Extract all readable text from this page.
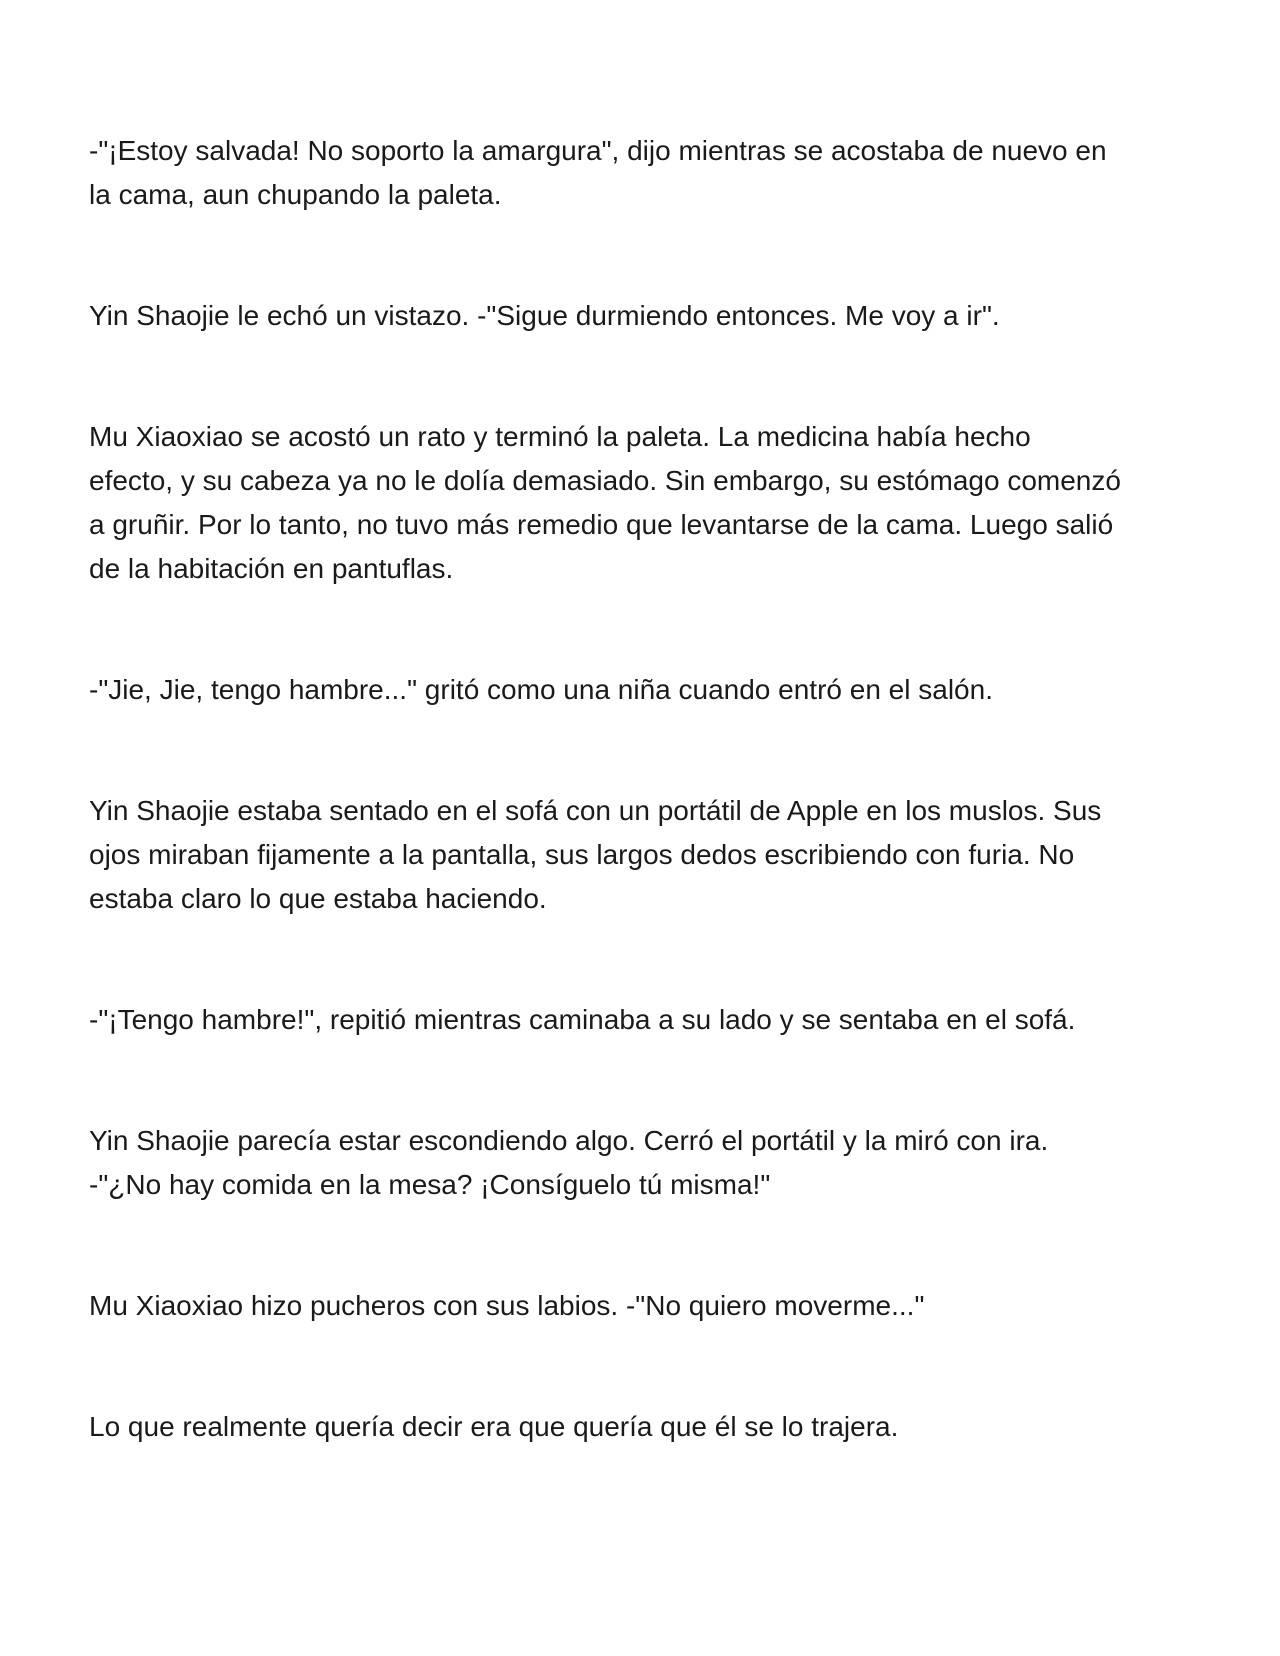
-"¡Estoy salvada! No soporto la amargura", dijo mientras se acostaba de nuevo en
la cama, aun chupando la paleta.

Yin Shaojie le echó un vistazo. -"Sigue durmiendo entonces. Me voy a ir".

Mu Xiaoxiao se acostó un rato y terminó la paleta. La medicina había hecho
efecto, y su cabeza ya no le dolía demasiado. Sin embargo, su estómago comenzó
a gruñir. Por lo tanto, no tuvo más remedio que levantarse de la cama. Luego salió
de la habitación en pantuflas.

-"Jie, Jie, tengo hambre..." gritó como una niña cuando entró en el salón.

Yin Shaojie estaba sentado en el sofá con un portátil de Apple en los muslos. Sus
ojos miraban fijamente a la pantalla, sus largos dedos escribiendo con furia. No
estaba claro lo que estaba haciendo.

-"¡Tengo hambre!", repitió mientras caminaba a su lado y se sentaba en el sofá.

Yin Shaojie parecía estar escondiendo algo. Cerró el portátil y la miró con ira.
-"¿No hay comida en la mesa? ¡Consíguelo tú misma!"

Mu Xiaoxiao hizo pucheros con sus labios. -"No quiero moverme..."

Lo que realmente quería decir era que quería que él se lo trajera.
